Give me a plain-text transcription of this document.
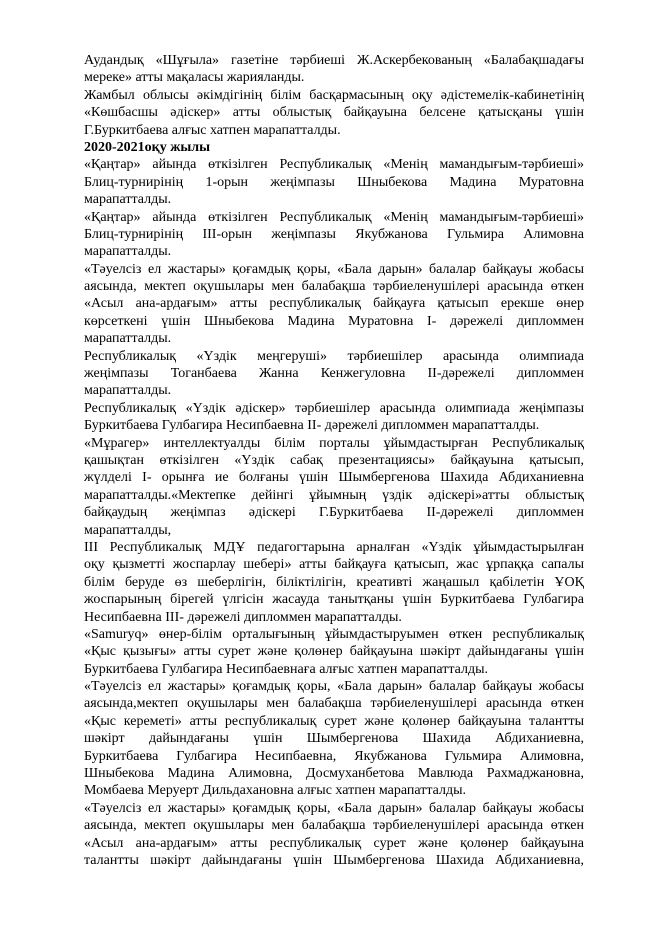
Аудандық «Шұғыла» газетіне тәрбиеші Ж.Аскербекованың «Балабақшадағы
мереке» атты мақаласы жарияланды.
Жамбыл облысы әкімдігінің білім басқармасының оқу әдістемелік-кабинетінің
«Көшбасшы әдіскер» атты облыстық байқауына белсене қатысқаны үшін
Г.Буркитбаева алғыс хатпен марапатталды.
2020-2021оқу жылы
«Қаңтар» айында өткізілген Республикалық «Менің мамандығым-тәрбиеші»
Блиц-турнирінің 1-орын жеңімпазы Шныбекова Мадина Муратовна
марапатталды.
«Қаңтар» айында өткізілген Республикалық «Менің мамандығым-тәрбиеші»
Блиц-турнирінің ІІІ-орын жеңімпазы Якубжанова Гульмира Алимовна
марапатталды.
«Тәуелсіз ел жастары» қоғамдық қоры, «Бала дарын» балалар байқауы жобасы
аясында, мектеп оқушылары мен балабақша тәрбиеленушілері арасында өткен
«Асыл ана-ардағым» атты республикалық байқауға қатысып ерекше өнер
көрсеткені үшін Шныбекова Мадина Муратовна І- дәрежелі дипломмен
марапатталды.
Республикалық «Үздік меңгеруші» тәрбиешілер арасында олимпиада
жеңімпазы Тоганбаева Жанна Кенжегуловна ІІ-дәрежелі дипломмен
марапатталды.
Республикалық «Үздік әдіскер» тәрбиешілер арасында олимпиада жеңімпазы
Буркитбаева Гулбагира Несипбаевна ІІ- дәрежелі дипломмен марапатталды.
«Мұрагер» интеллектуалды білім порталы ұйымдастырған Республикалық
қашықтан өткізілген «Үздік сабақ презентациясы» байқауына қатысып,
жүлделі І- орынға ие болғаны үшін Шымбергенова Шахида Абдиханиевна
марапатталды.«Мектепке дейінгі ұйымның үздік әдіскері»атты облыстық
байқаудың жеңімпаз әдіскері Г.Буркитбаева ІІ-дәрежелі дипломмен
марапатталды,
ІІІ Республикалық МДҰ педагогтарына арналған «Үздік ұйымдастырылған
оқу қызметті жоспарлау шебері» атты байқауға қатысып, жас ұрпаққа сапалы
білім беруде өз шеберлігін, біліктілігін, креативті жаңашыл қабілетін ҰОҚ
жоспарының бірегей үлгісін жасауда танытқаны үшін Буркитбаева Гулбагира
Несипбаевна ІІІ- дәрежелі дипломмен марапатталды.
«Samuryq» өнер-білім орталығының ұйымдастыруымен өткен республикалық
«Қыс қызығы» атты сурет және қолөнер байқауына шәкірт дайындағаны үшін
Буркитбаева Гулбагира Несипбаевнаға алғыс хатпен марапатталды.
«Тәуелсіз ел жастары» қоғамдық қоры, «Бала дарын» балалар байқауы жобасы
аясында,мектеп оқушылары мен балабақша тәрбиеленушілері арасында өткен
«Қыс кереметі» атты республикалық сурет және қолөнер байқауына талантты
шәкірт дайындағаны үшін Шымбергенова Шахида Абдиханиевна,
Буркитбаева Гулбагира Несипбаевна, Якубжанова Гульмира Алимовна,
Шныбекова Мадина Алимовна, Досмуханбетова Мавлюда Рахмаджановна,
Момбаева Меруерт Дильдахановна алғыс хатпен марапатталды.
«Тәуелсіз ел жастары» қоғамдық қоры, «Бала дарын» балалар байқауы жобасы
аясында, мектеп оқушылары мен балабақша тәрбиеленушілері арасында өткен
«Асыл ана-ардағым» атты республикалық сурет және қолөнер байқауына
талантты шәкірт дайындағаны үшін Шымбергенова Шахида Абдиханиевна,
